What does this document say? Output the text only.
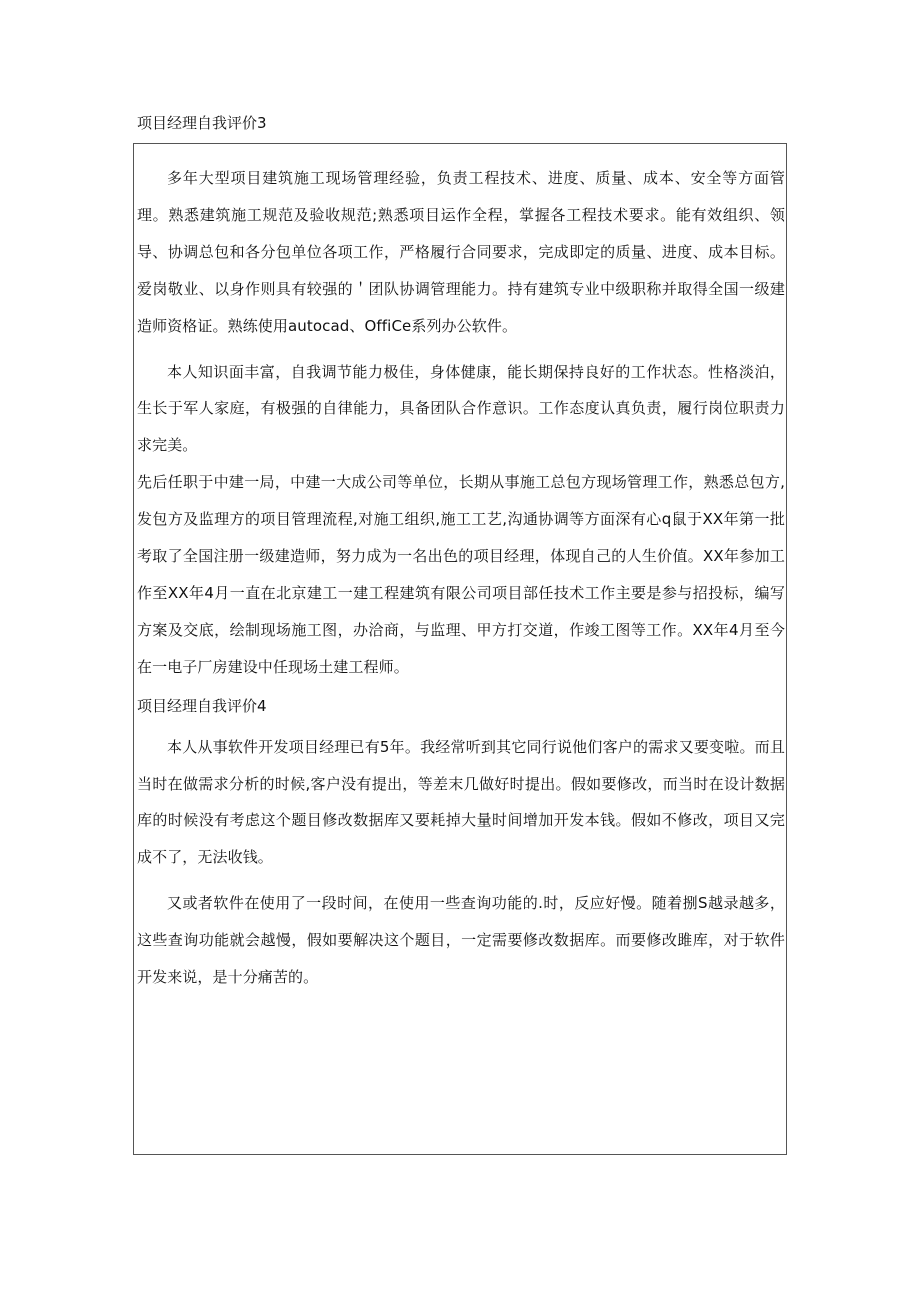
项目经理自我评价3

多年大型项目建筑施工现场管理经验，负责工程技术、进度、质量、成本、安全等方面管理。熟悉建筑施工规范及验收规范;熟悉项目运作全程，掌握各工程技术要求。能有效组织、领导、协调总包和各分包单位各项工作，严格履行合同要求，完成即定的质量、进度、成本目标。爱岗敬业、以身作则具有较强的＇团队协调管理能力。持有建筑专业中级职称并取得全国一级建造师资格证。熟练使用autocad、OffiCe系列办公软件。

本人知识面丰富，自我调节能力极佳，身体健康，能长期保持良好的工作状态。性格淡泊，生长于军人家庭，有极强的自律能力，具备团队合作意识。工作态度认真负责，履行岗位职责力求完美。

先后任职于中建一局，中建一大成公司等单位，长期从事施工总包方现场管理工作，熟悉总包方,发包方及监理方的项目管理流程,对施工组织,施工工艺,沟通协调等方面深有心q鼠于XX年第一批考取了全国注册一级建造师，努力成为一名出色的项目经理，体现自己的人生价值。XX年参加工作至XX年4月一直在北京建工一建工程建筑有限公司项目部任技术工作主要是参与招投标，编写方案及交底，绘制现场施工图，办洽商，与监理、甲方打交道，作竣工图等工作。XX年4月至今在一电子厂房建设中任现场土建工程师。

项目经理自我评价4

本人从事软件开发项目经理已有5年。我经常听到其它同行说他们客户的需求又要变啦。而且当时在做需求分析的时候,客户没有提出，等差末几做好时提出。假如要修改，而当时在设计数据库的时候没有考虑这个题目修改数据库又要耗掉大量时间增加开发本钱。假如不修改，项目又完成不了，无法收钱。

又或者软件在使用了一段时间，在使用一些查询功能的.时，反应好慢。随着捌S越录越多，这些查询功能就会越慢，假如要解决这个题目，一定需要修改数据库。而要修改雎库，对于软件开发来说，是十分痛苦的。
